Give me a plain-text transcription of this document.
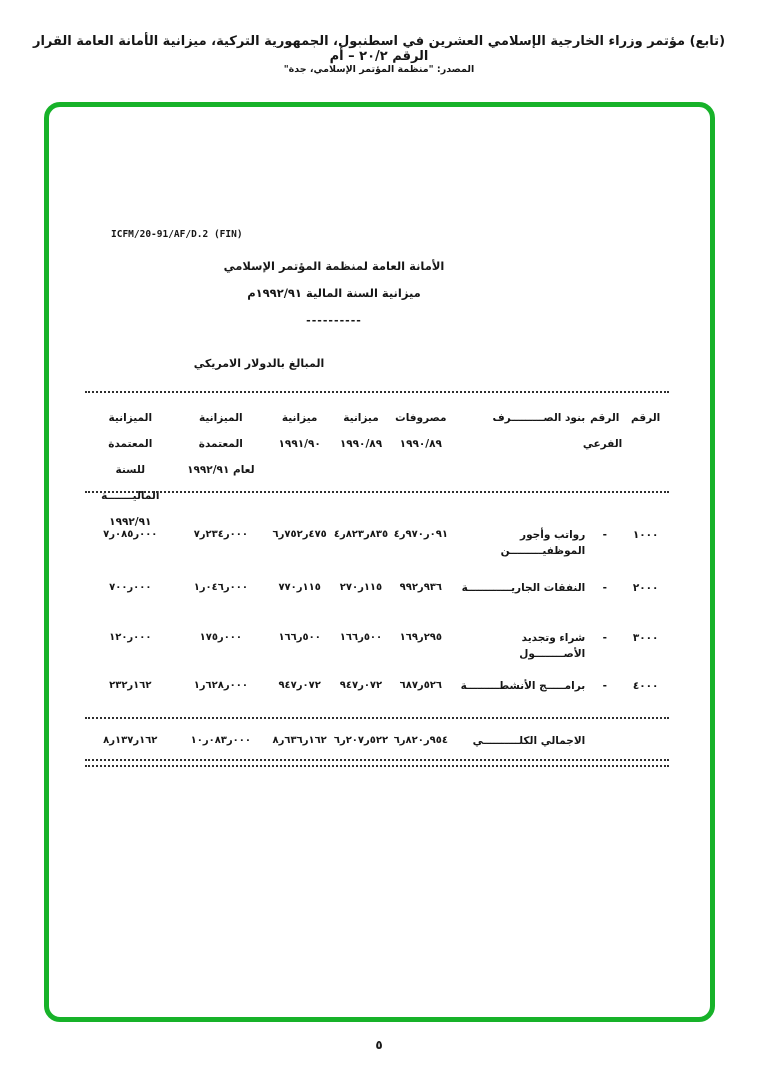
(تابع) مؤتمر وزراء الخارجية الإسلامي العشرين في اسطنبول، الجمهورية التركية، ميزانية الأمانة العامة القرار الرقم ٢٠/٢ – أم
المصدر: "منظمة المؤتمر الإسلامي، جدة"
ICFM/20-91/AF/D.2 (FIN)
الأمانة العامة لمنظمة المؤتمر الإسلامي
ميزانية السنة المالية ١٩٩٢/٩١م
----------
المبالغ بالدولار الامريكي
الرقم
الرقم
الفرعي
بنود الصـــــــــرف
مصروفات
١٩٩٠/٨٩
ميزانية
١٩٩٠/٨٩
ميزانية
١٩٩١/٩٠
الميزانية
المعتمدة
لعام ١٩٩٢/٩١
الميزانية المعتمدة
للسنة الماليـــــــة
١٩٩٢/٩١
١٠٠٠
-
رواتب وأجور الموظفيـــــــــن
٤ر٩٧٠ر٠٩١
٤ر٨٢٣ر٨٣٥
٦ر٧٥٢ر٤٧٥
٧ر٢٣٤ر٠٠٠
٧ر٠٨٥ر٠٠٠
٢٠٠٠
-
النفقات الجاريــــــــــــة
٩٩٢ر٩٣٦
٢٧٠ر١١٥
٧٧٠ر١١٥
١ر٠٤٦ر٠٠٠
٧٠٠ر٠٠٠
٣٠٠٠
-
شراء وتجديد الأصــــــــول
١٦٩ر٢٩٥
١٦٦ر٥٠٠
١٦٦ر٥٠٠
١٧٥ر٠٠٠
١٢٠ر٠٠٠
٤٠٠٠
-
برامـــــج الأنشطـــــــــة
٦٨٧ر٥٢٦
٩٤٧ر٠٧٢
٩٤٧ر٠٧٢
١ر٦٢٨ر٠٠٠
٢٣٢ر١٦٢
الاجمالي الكلــــــــــي
٦ر٨٢٠ر٩٥٤
٦ر٢٠٧ر٥٢٢
٨ر٦٣٦ر١٦٢
١٠ر٠٨٣ر٠٠٠
٨ر١٣٧ر١٦٢
٥
